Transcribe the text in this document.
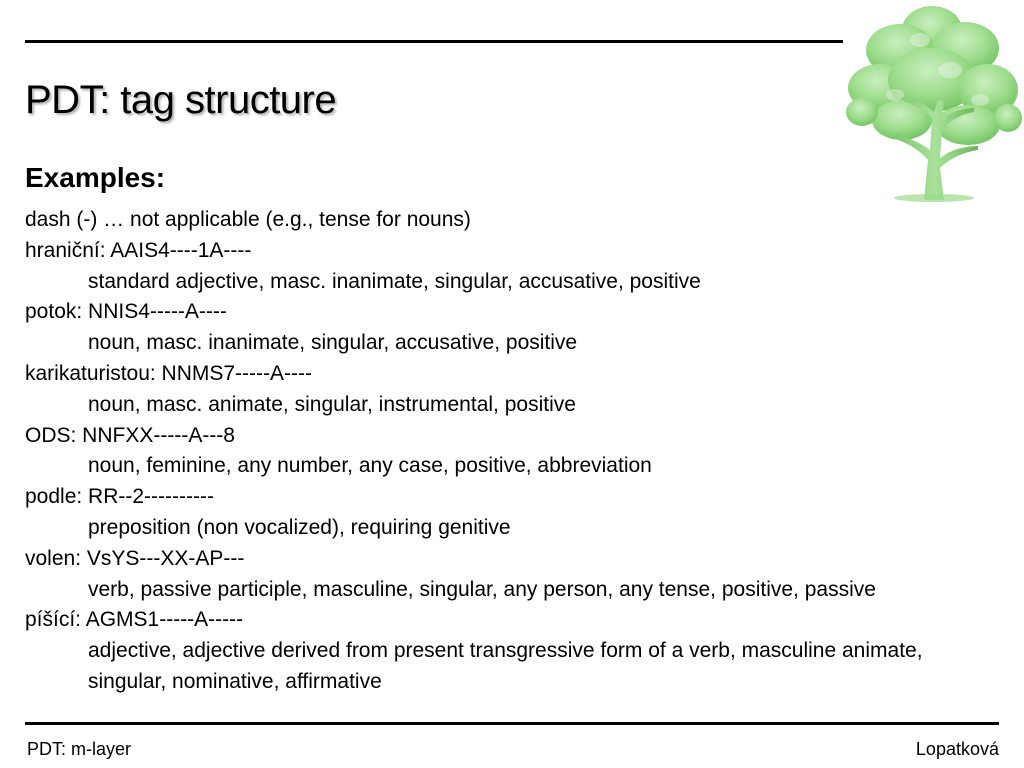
PDT: tag structure
Examples:
dash (-) … not applicable (e.g., tense for nouns)
hraniční: AAIS4----1A----
standard adjective, masc. inanimate, singular, accusative, positive
potok: NNIS4-----A----
noun, masc. inanimate, singular, accusative, positive
karikaturistou: NNMS7-----A----
noun, masc. animate, singular, instrumental, positive
ODS: NNFXX-----A---8
noun, feminine, any number, any case, positive, abbreviation
podle: RR--2----------
preposition (non vocalized), requiring genitive
volen: VsYS---XX-AP---
verb, passive participle, masculine, singular, any person, any tense, positive, passive
píšící: AGMS1-----A-----
adjective, adjective derived from present transgressive form of a verb, masculine animate, singular, nominative, affirmative
PDT: m-layer	Lopatková
